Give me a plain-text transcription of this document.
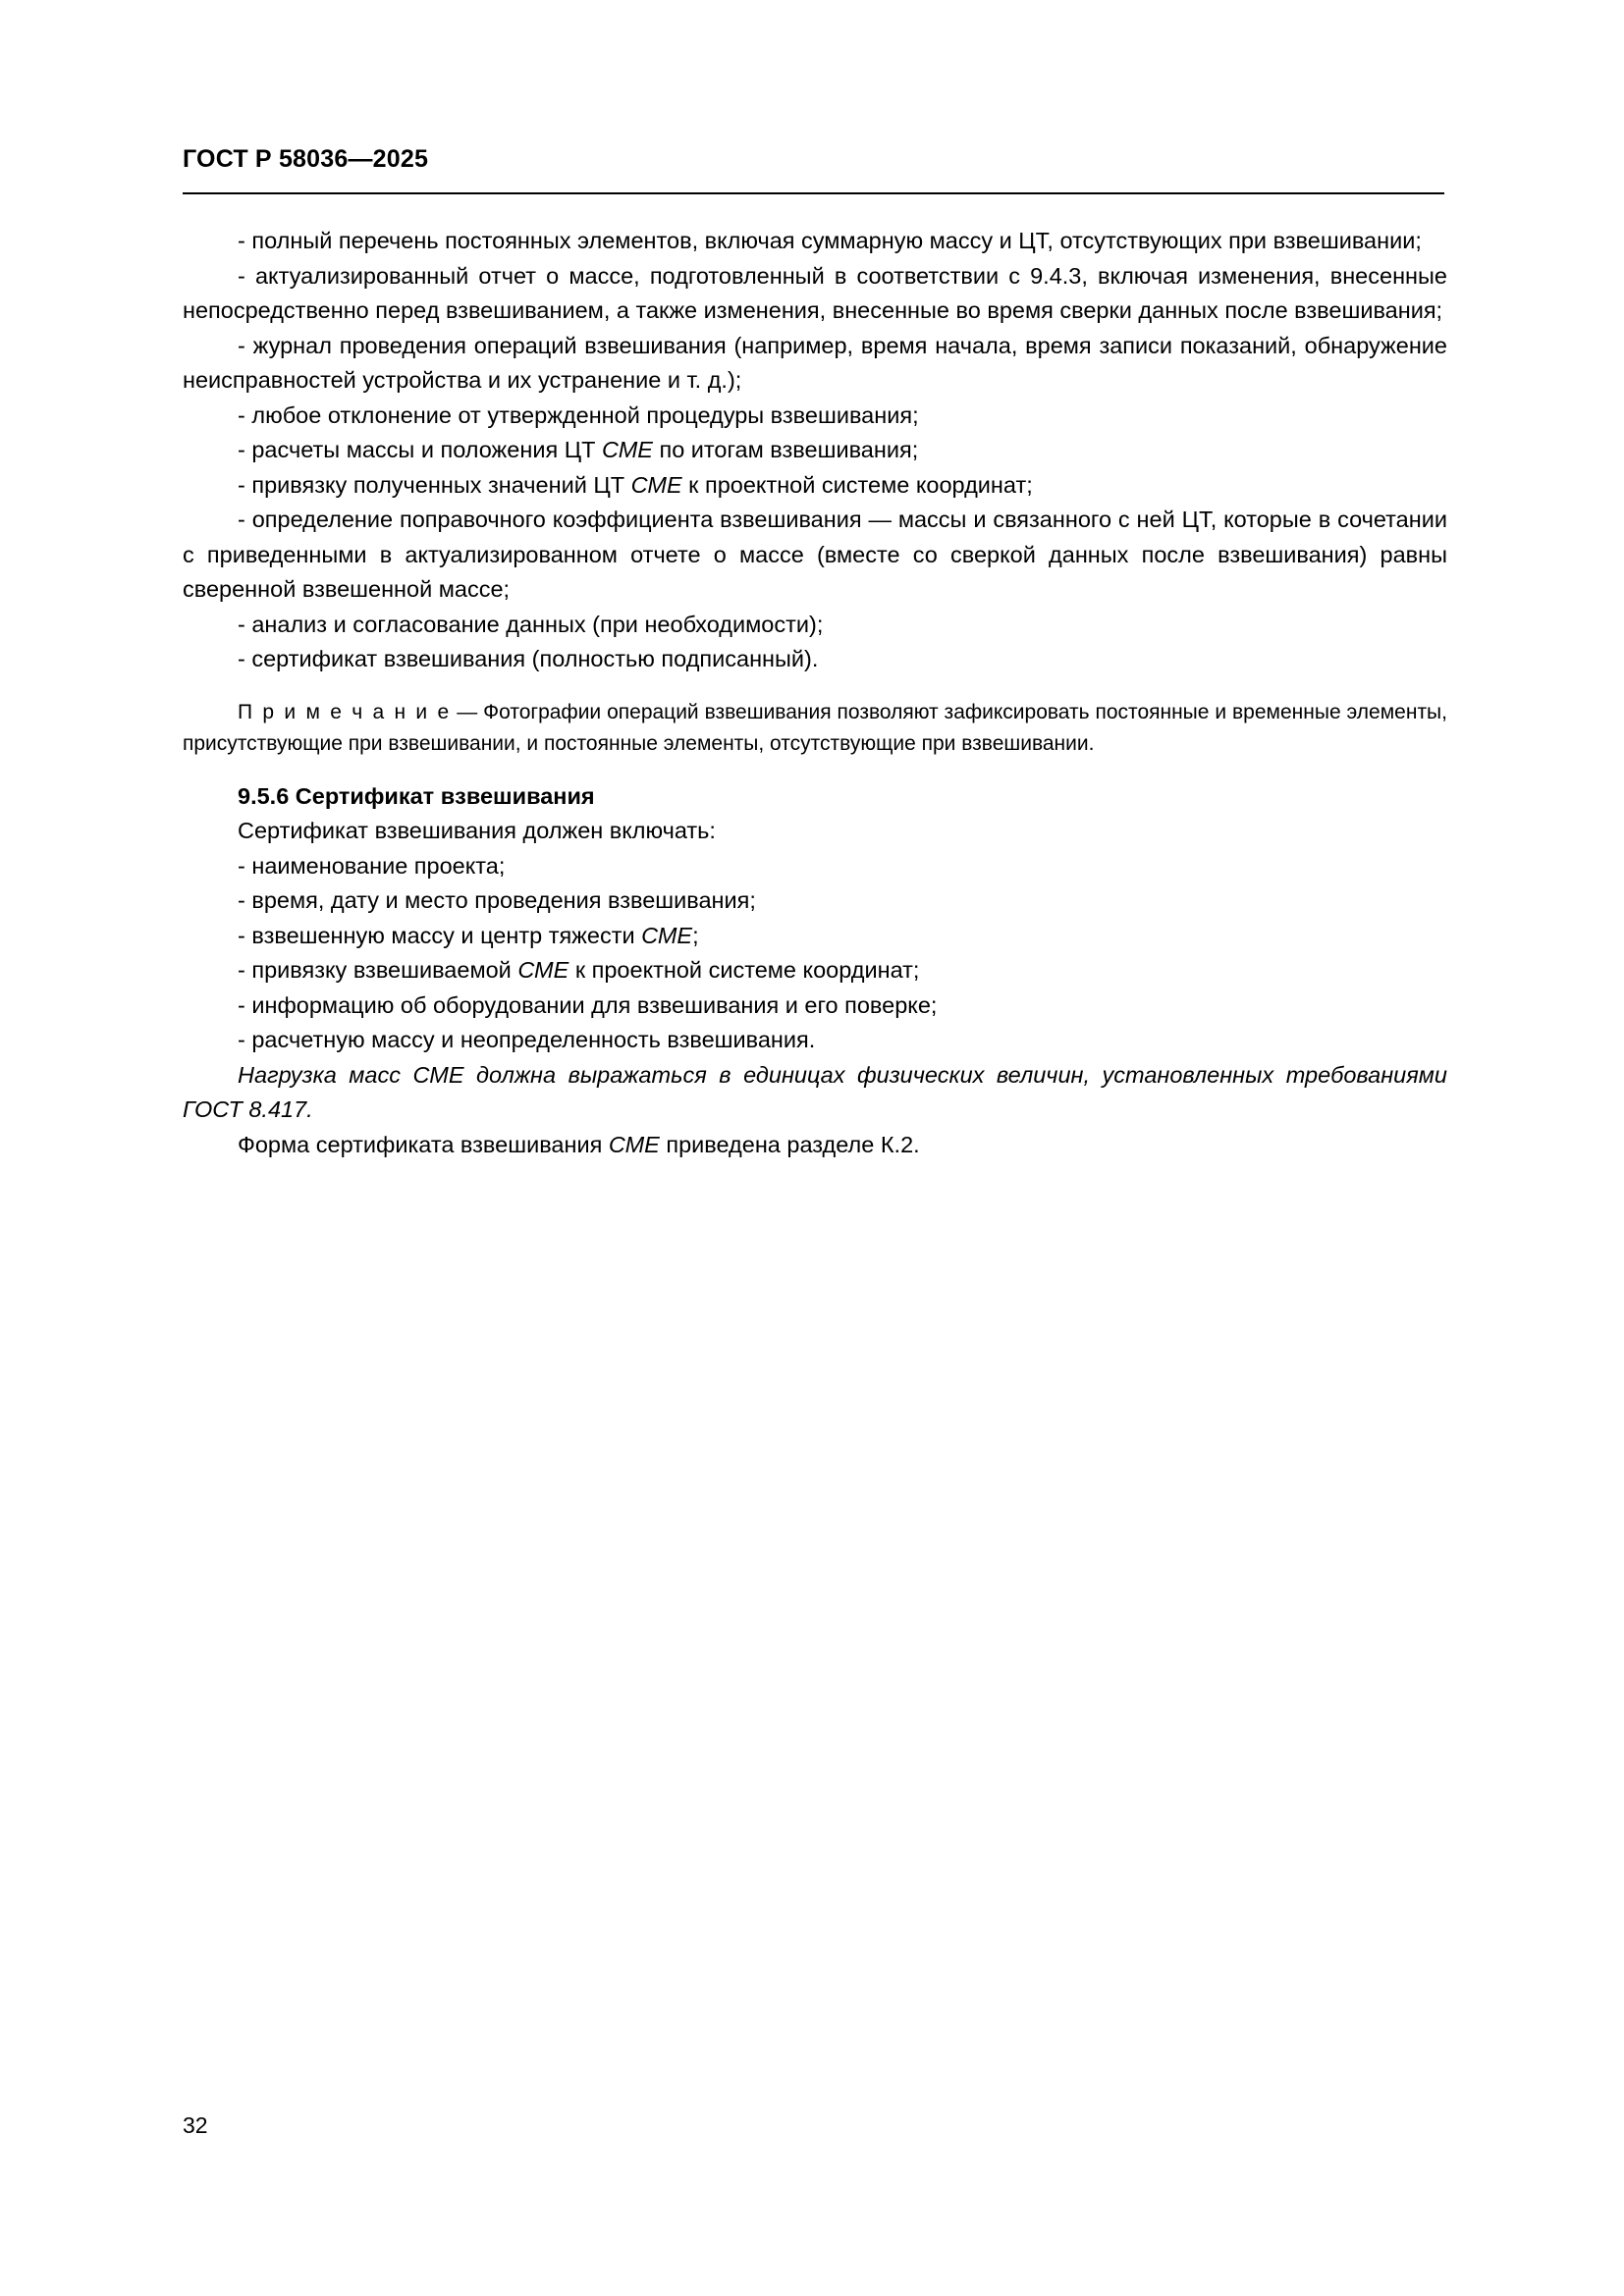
ГОСТ Р 58036—2025

- полный перечень постоянных элементов, включая суммарную массу и ЦТ, отсутствующих при взвешивании;

- актуализированный отчет о массе, подготовленный в соответствии с 9.4.3, включая изменения, внесенные непосредственно перед взвешиванием, а также изменения, внесенные во время сверки данных после взвешивания;

- журнал проведения операций взвешивания (например, время начала, время записи показаний, обнаружение неисправностей устройства и их устранение и т. д.);

- любое отклонение от утвержденной процедуры взвешивания;

- расчеты массы и положения ЦТ СМЕ по итогам взвешивания;

- привязку полученных значений ЦТ СМЕ к проектной системе координат;

- определение поправочного коэффициента взвешивания — массы и связанного с ней ЦТ, которые в сочетании с приведенными в актуализированном отчете о массе (вместе со сверкой данных после взвешивания) равны сверенной взвешенной массе;

- анализ и согласование данных (при необходимости);

- сертификат взвешивания (полностью подписанный).

П р и м е ч а н и е — Фотографии операций взвешивания позволяют зафиксировать постоянные и временные элементы, присутствующие при взвешивании, и постоянные элементы, отсутствующие при взвешивании.

9.5.6 Сертификат взвешивания

Сертификат взвешивания должен включать:

- наименование проекта;

- время, дату и место проведения взвешивания;

- взвешенную массу и центр тяжести СМЕ;

- привязку взвешиваемой СМЕ к проектной системе координат;

- информацию об оборудовании для взвешивания и его поверке;

- расчетную массу и неопределенность взвешивания.

Нагрузка масс СМЕ должна выражаться в единицах физических величин, установленных требованиями ГОСТ 8.417.

Форма сертификата взвешивания СМЕ приведена разделе К.2.

32
